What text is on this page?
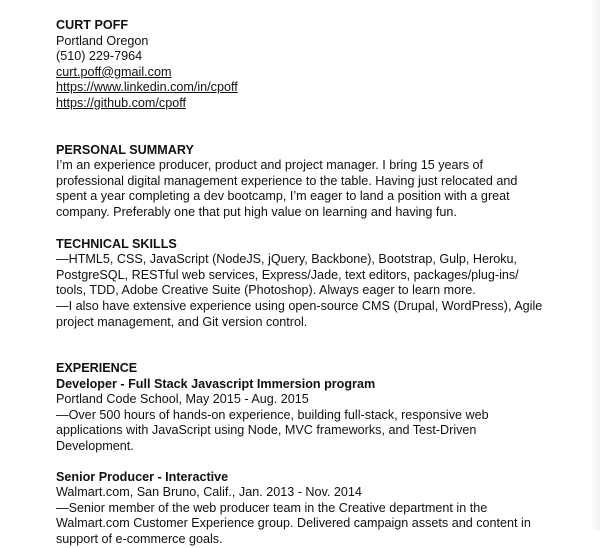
CURT POFF
Portland Oregon
(510) 229-7964
curt.poff@gmail.com
https://www.linkedin.com/in/cpoff
https://github.com/cpoff
PERSONAL SUMMARY
I’m an experience producer, product and project manager. I bring 15 years of
professional digital management experience to the table. Having just relocated and
spent a year completing a dev bootcamp, I’m eager to land a position with a great
company. Preferably one that put high value on learning and having fun.
TECHNICAL SKILLS
—HTML5, CSS, JavaScript (NodeJS, jQuery, Backbone), Bootstrap, Gulp, Heroku,
PostgreSQL, RESTful web services, Express/Jade, text editors, packages/plug-ins/
tools, TDD, Adobe Creative Suite (Photoshop). Always eager to learn more.
—I also have extensive experience using open-source CMS (Drupal, WordPress), Agile
project management, and Git version control.
EXPERIENCE
Developer - Full Stack Javascript Immersion program
Portland Code School, May 2015 - Aug. 2015
—Over 500 hours of hands-on experience, building full-stack, responsive web
applications with JavaScript using Node, MVC frameworks, and Test-Driven
Development.
Senior Producer - Interactive
Walmart.com, San Bruno, Calif., Jan. 2013 - Nov. 2014
—Senior member of the web producer team in the Creative department in the
Walmart.com Customer Experience group. Delivered campaign assets and content in
support of e-commerce goals.
